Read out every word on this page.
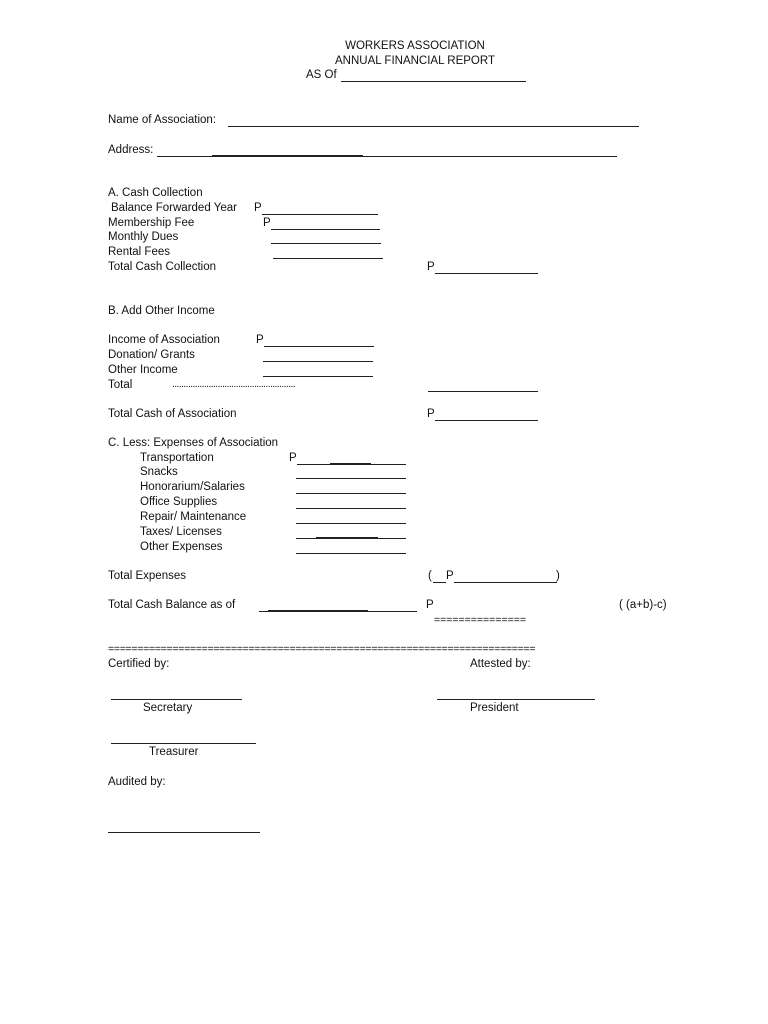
WORKERS ASSOCIATION
ANNUAL FINANCIAL REPORT
AS Of
Name of Association:
Address:
A. Cash Collection
Balance Forwarded Year P
Membership Fee	P
Monthly Dues
Rental Fees
Total Cash Collection	P
B. Add Other Income
Income of Association	P
Donation/ Grants
Other Income
Total	......................................................
Total Cash of Association	P
C. Less: Expenses of Association
Transportation	P
Snacks
Honorarium/Salaries
Office Supplies
Repair/ Maintenance
Taxes/ Licenses
Other Expenses
Total Expenses	( P	)
Total Cash Balance as of	P	( (a+b)-c)
===============
=========================================================================
Certified by:	Attested by:
Secretary	President
Treasurer
Audited by:
